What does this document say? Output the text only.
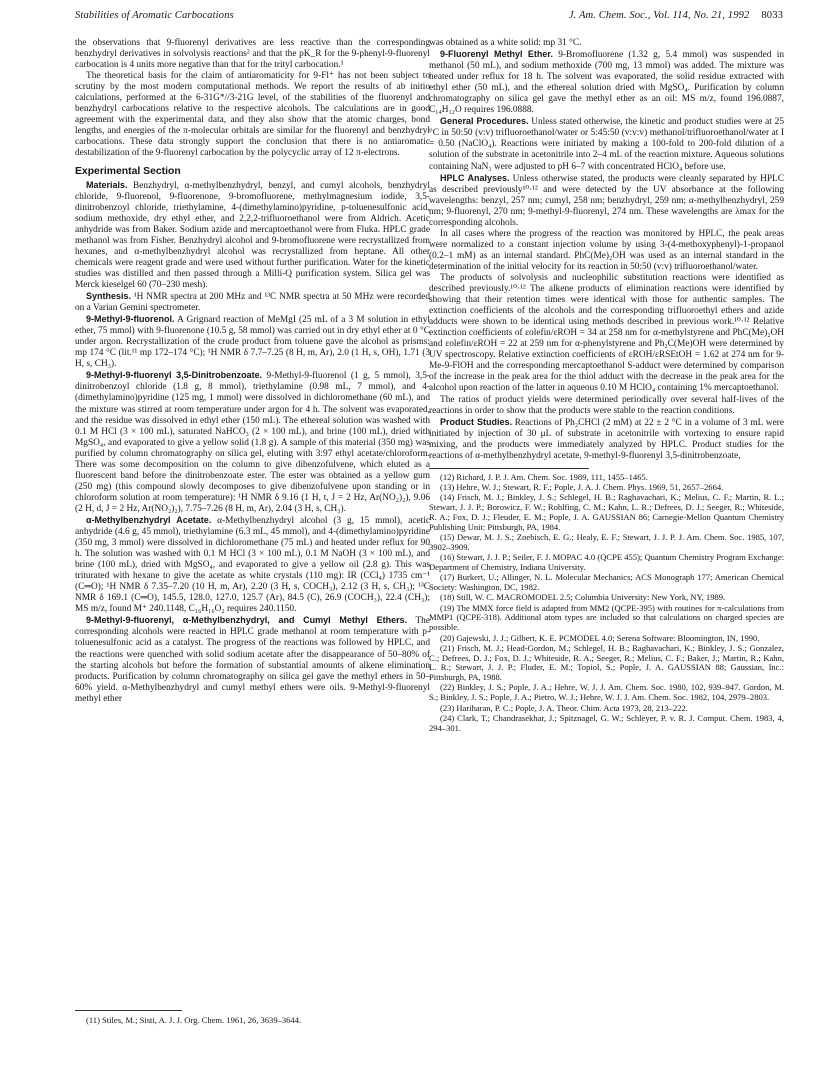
Stabilities of Aromatic Carbocations	J. Am. Chem. Soc., Vol. 114, No. 21, 1992 8033

the observations that 9-fluorenyl derivatives are less reactive than the corresponding benzhydryl derivatives in solvolysis reactions² and that the pK_R for the 9-phenyl-9-fluorenyl carbocation is 4 units more negative than that for the trityl carbocation.¹

The theoretical basis for the claim of antiaromaticity for 9-Fl⁺ has not been subject to scrutiny by the most modern computational methods. We report the results of ab initio calculations, performed at the 6-31G*//3-21G level, of the stabilities of the fluorenyl and benzhydryl carbocations relative to the respective alcohols. The calculations are in good agreement with the experimental data, and they also show that the atomic charges, bond lengths, and energies of the π-molecular orbitals are similar for the fluorenyl and benzhydryl carbocations. These data strongly support the conclusion that there is no antiaromatic destabilization of the 9-fluorenyl carbocation by the polycyclic array of 12 π-electrons.

Experimental Section

Materials. Benzhydryl, α-methylbenzhydryl, benzyl, and cumyl alcohols, benzhydryl chloride, 9-fluorenol, 9-fluorenone, 9-bromofluorene, methylmagnesium iodide, 3,5-dinitrobenzoyl chloride, triethylamine, 4-(dimethylamino)pyridine, p-toluenesulfonic acid, sodium methoxide, dry ethyl ether, and 2,2,2-trifluoroethanol were from Aldrich. Acetic anhydride was from Baker. Sodium azide and mercaptoethanol were from Fluka. HPLC grade methanol was from Fisher. Benzhydryl alcohol and 9-bromofluorene were recrystallized from hexanes, and α-methylbenzhydryl alcohol was recrystallized from heptane. All other chemicals were reagent grade and were used without further purification. Water for the kinetic studies was distilled and then passed through a Milli-Q purification system. Silica gel was Merck kieselgel 60 (70–230 mesh).

Synthesis. ¹H NMR spectra at 200 MHz and ¹³C NMR spectra at 50 MHz were recorded on a Varian Gemini spectrometer.

9-Methyl-9-fluorenol. A Grignard reaction of MeMgI (25 mL of a 3 M solution in ethyl ether, 75 mmol) with 9-fluorenone (10.5 g, 58 mmol) was carried out in dry ethyl ether at 0 °C under argon. Recrystallization of the crude product from toluene gave the alcohol as prisms: mp 174 °C (lit.¹¹ mp 172–174 °C); ¹H NMR δ 7.7–7.25 (8 H, m, Ar), 2.0 (1 H, s, OH), 1.71 (3 H, s, CH₃).

9-Methyl-9-fluorenyl 3,5-Dinitrobenzoate. 9-Methyl-9-fluorenol (1 g, 5 mmol), 3,5-dinitrobenzoyl chloride (1.8 g, 8 mmol), triethylamine (0.98 mL, 7 mmol), and 4-(dimethylamino)pyridine (125 mg, 1 mmol) were dissolved in dichloromethane (60 mL), and the mixture was stirred at room temperature under argon for 4 h. The solvent was evaporated, and the residue was dissolved in ethyl ether (150 mL). The ethereal solution was washed with 0.1 M HCl (3 × 100 mL), saturated NaHCO₃ (2 × 100 mL), and brine (100 mL), dried with MgSO₄, and evaporated to give a yellow solid (1.8 g). A sample of this material (350 mg) was purified by column chromatography on silica gel, eluting with 3:97 ethyl acetate/chloroform. There was some decomposition on the column to give dibenzofulvene, which eluted as a fluorescent band before the dinitrobenzoate ester. The ester was obtained as a yellow gum (250 mg) (this compound slowly decomposes to give dibenzofulvene upon standing or in chloroform solution at room temperature): ¹H NMR δ 9.16 (1 H, t, J = 2 Hz, Ar(NO₂)₂), 9.06 (2 H, d, J = 2 Hz, Ar(NO₂)₂), 7.75–7.26 (8 H, m, Ar), 2.04 (3 H, s, CH₃).

α-Methylbenzhydryl Acetate. α-Methylbenzhydryl alcohol (3 g, 15 mmol), acetic anhydride (4.6 g, 45 mmol), triethylamine (6.3 mL, 45 mmol), and 4-(dimethylamino)pyridine (350 mg, 3 mmol) were dissolved in dichloromethane (75 mL) and heated under reflux for 90 h. The solution was washed with 0.1 M HCl (3 × 100 mL), 0.1 M NaOH (3 × 100 mL), and brine (100 mL), dried with MgSO₄, and evaporated to give a yellow oil (2.8 g). This was triturated with hexane to give the acetate as white crystals (110 mg): IR (CCl₄) 1735 cm⁻¹ (C═O); ¹H NMR δ 7.35–7.20 (10 H, m, Ar), 2.20 (3 H, s, COCH₃), 2.12 (3 H, s, CH₃); ¹³C NMR δ 169.1 (C═O), 145.5, 128.0, 127.0, 125.7 (Ar), 84.5 (C), 26.9 (COCH₃), 22.4 (CH₃); MS m/z, found M⁺ 240.1148, C₁₆H₁₆O₂ requires 240.1150.

9-Methyl-9-fluorenyl, α-Methylbenzhydryl, and Cumyl Methyl Ethers. The corresponding alcohols were reacted in HPLC grade methanol at room temperature with p-toluenesulfonic acid as a catalyst. The progress of the reactions was followed by HPLC, and the reactions were quenched with solid sodium acetate after the disappearance of 50–80% of the starting alcohols but before the formation of substantial amounts of alkene elimination products. Purification by column chromatography on silica gel gave the methyl ethers in 50–60% yield. α-Methylbenzhydryl and cumyl methyl ethers were oils. 9-Methyl-9-fluorenyl methyl ether

(11) Stiles, M.; Sisti, A. J. J. Org. Chem. 1961, 26, 3639–3644.

was obtained as a white solid: mp 31 °C.

9-Fluorenyl Methyl Ether. 9-Bromofluorene (1.32 g, 5.4 mmol) was suspended in methanol (50 mL), and sodium methoxide (700 mg, 13 mmol) was added. The mixture was heated under reflux for 18 h. The solvent was evaporated, the solid residue extracted with ethyl ether (50 mL), and the ethereal solution dried with MgSO₄. Purification by column chromatography on silica gel gave the methyl ether as an oil: MS m/z, found 196.0887, C₁₄H₁₂O requires 196.0888.

General Procedures. Unless stated otherwise, the kinetic and product studies were at 25 °C in 50:50 (v:v) trifluoroethanol/water or 5:45:50 (v:v:v) methanol/trifluoroethanol/water at I = 0.50 (NaClO₄). Reactions were initiated by making a 100-fold to 200-fold dilution of a solution of the substrate in acetonitrile into 2–4 mL of the reaction mixture. Aqueous solutions containing NaN₃ were adjusted to pH 6–7 with concentrated HClO₄ before use.

HPLC Analyses. Unless otherwise stated, the products were cleanly separated by HPLC as described previously¹⁰·¹² and were detected by the UV absorbance at the following wavelengths: benzyl, 257 nm; cumyl, 258 nm; benzhydryl, 259 nm; α-methylbenzhydryl, 259 nm; 9-fluorenyl, 270 nm; 9-methyl-9-fluorenyl, 274 nm. These wavelengths are λmax for the corresponding alcohols.

In all cases where the progress of the reaction was monitored by HPLC, the peak areas were normalized to a constant injection volume by using 3-(4-methoxyphenyl)-1-propanol (0.2–1 mM) as an internal standard. PhC(Me)₂OH was used as an internal standard in the determination of the initial velocity for its reaction in 50:50 (v:v) trifluoroethanol/water.

The products of solvolysis and nucleophilic substitution reactions were identified as described previously.¹⁰·¹² The alkene products of elimination reactions were identified by showing that their retention times were identical with those for authentic samples. The extinction coefficients of the alcohols and the corresponding trifluoroethyl ethers and azide adducts were shown to be identical using methods described in previous work.¹⁰·¹² Relative extinction coefficients of εolefin/εROH = 34 at 258 nm for α-methylstyrene and PhC(Me)₂OH and εolefin/εROH = 22 at 259 nm for α-phenylstyrene and Ph₂C(Me)OH were determined by UV spectroscopy. Relative extinction coefficients of εROH/εRSEtOH = 1.62 at 274 nm for 9-Me-9-FlOH and the corresponding mercaptoethanol S-adduct were determined by comparison of the increase in the peak area for the thiol adduct with the decrease in the peak area for the alcohol upon reaction of the latter in aqueous 0.10 M HClO₄ containing 1% mercaptoethanol.

The ratios of product yields were determined periodically over several half-lives of the reactions in order to show that the products were stable to the reaction conditions.

Product Studies. Reactions of Ph₂CHCl (2 mM) at 22 ± 2 °C in a volume of 3 mL were initiated by injection of 30 μL of substrate in acetonitrile with vortexing to ensure rapid mixing, and the products were immediately analyzed by HPLC. Product studies for the reactions of α-methylbenzhydryl acetate, 9-methyl-9-fluorenyl 3,5-dinitrobenzoate,

(12) Richard, J. P. J. Am. Chem. Soc. 1989, 111, 1455–1465.

(13) Hehre, W. J.; Stewart, R. F.; Pople, J. A. J. Chem. Phys. 1969, 51, 2657–2664.

(14) Frisch, M. J.; Binkley, J. S.; Schlegel, H. B.; Raghavachari, K.; Melius, C. F.; Martin, R. L.; Stewart, J. J. P.; Borowicz, F. W.; Rohlfing, C. M.; Kahn, L. R.; Defrees, D. J.; Seeger, R.; Whiteside, R. A.; Fox, D. J.; Fleuder, E. M.; Pople, J. A. GAUSSIAN 86; Carnegie-Mellon Quantum Chemistry Publishing Unit: Pittsburgh, PA, 1984.

(15) Dewar, M. J. S.; Zoebisch, E. G.; Healy, E. F.; Stewart, J. J. P. J. Am. Chem. Soc. 1985, 107, 3902–3909.

(16) Stewart, J. J. P.; Seiler, F. J. MOPAC 4.0 (QCPE 455); Quantum Chemistry Program Exchange: Department of Chemistry, Indiana University.

(17) Burkert, U.; Allinger, N. L. Molecular Mechanics; ACS Monograph 177; American Chemical Society: Washington, DC, 1982.

(18) Still, W. C. MACROMODEL 2.5; Columbia University: New York, NY, 1989.

(19) The MMX force field is adapted from MM2 (QCPE-395) with routines for π-calculations from MMP1 (QCPE-318). Additional atom types are included so that calculations on charged species are possible.

(20) Gajewski, J. J.; Gilbert, K. E. PCMODEL 4.0; Serena Software: Bloomington, IN, 1990.

(21) Frisch, M. J.; Head-Gordon, M.; Schlegel, H. B.; Raghavachari, K.; Binkley, J. S.; Gonzalez, C.; Defrees, D. J.; Fox, D. J.; Whiteside, R. A.; Seeger, R.; Melius, C. F.; Baker, J.; Martin, R.; Kahn, L. R.; Stewart, J. J. P.; Fluder, E. M.; Topiol, S.; Pople, J. A. GAUSSIAN 88; Gaussian, Inc.: Pittsburgh, PA, 1988.

(22) Binkley, J. S.; Pople, J. A.; Hehre, W. J. J. Am. Chem. Soc. 1980, 102, 939–947. Gordon, M. S.; Binkley, J. S.; Pople, J. A.; Pietro, W. J.; Hehre, W. J. J. Am. Chem. Soc. 1982, 104, 2979–2803.

(23) Hariharan, P. C.; Pople, J. A. Theor. Chim. Acta 1973, 28, 213–222.

(24) Clark, T.; Chandrasekhar, J.; Spitznagel, G. W.; Schleyer, P. v. R. J. Comput. Chem. 1983, 4, 294–301.
